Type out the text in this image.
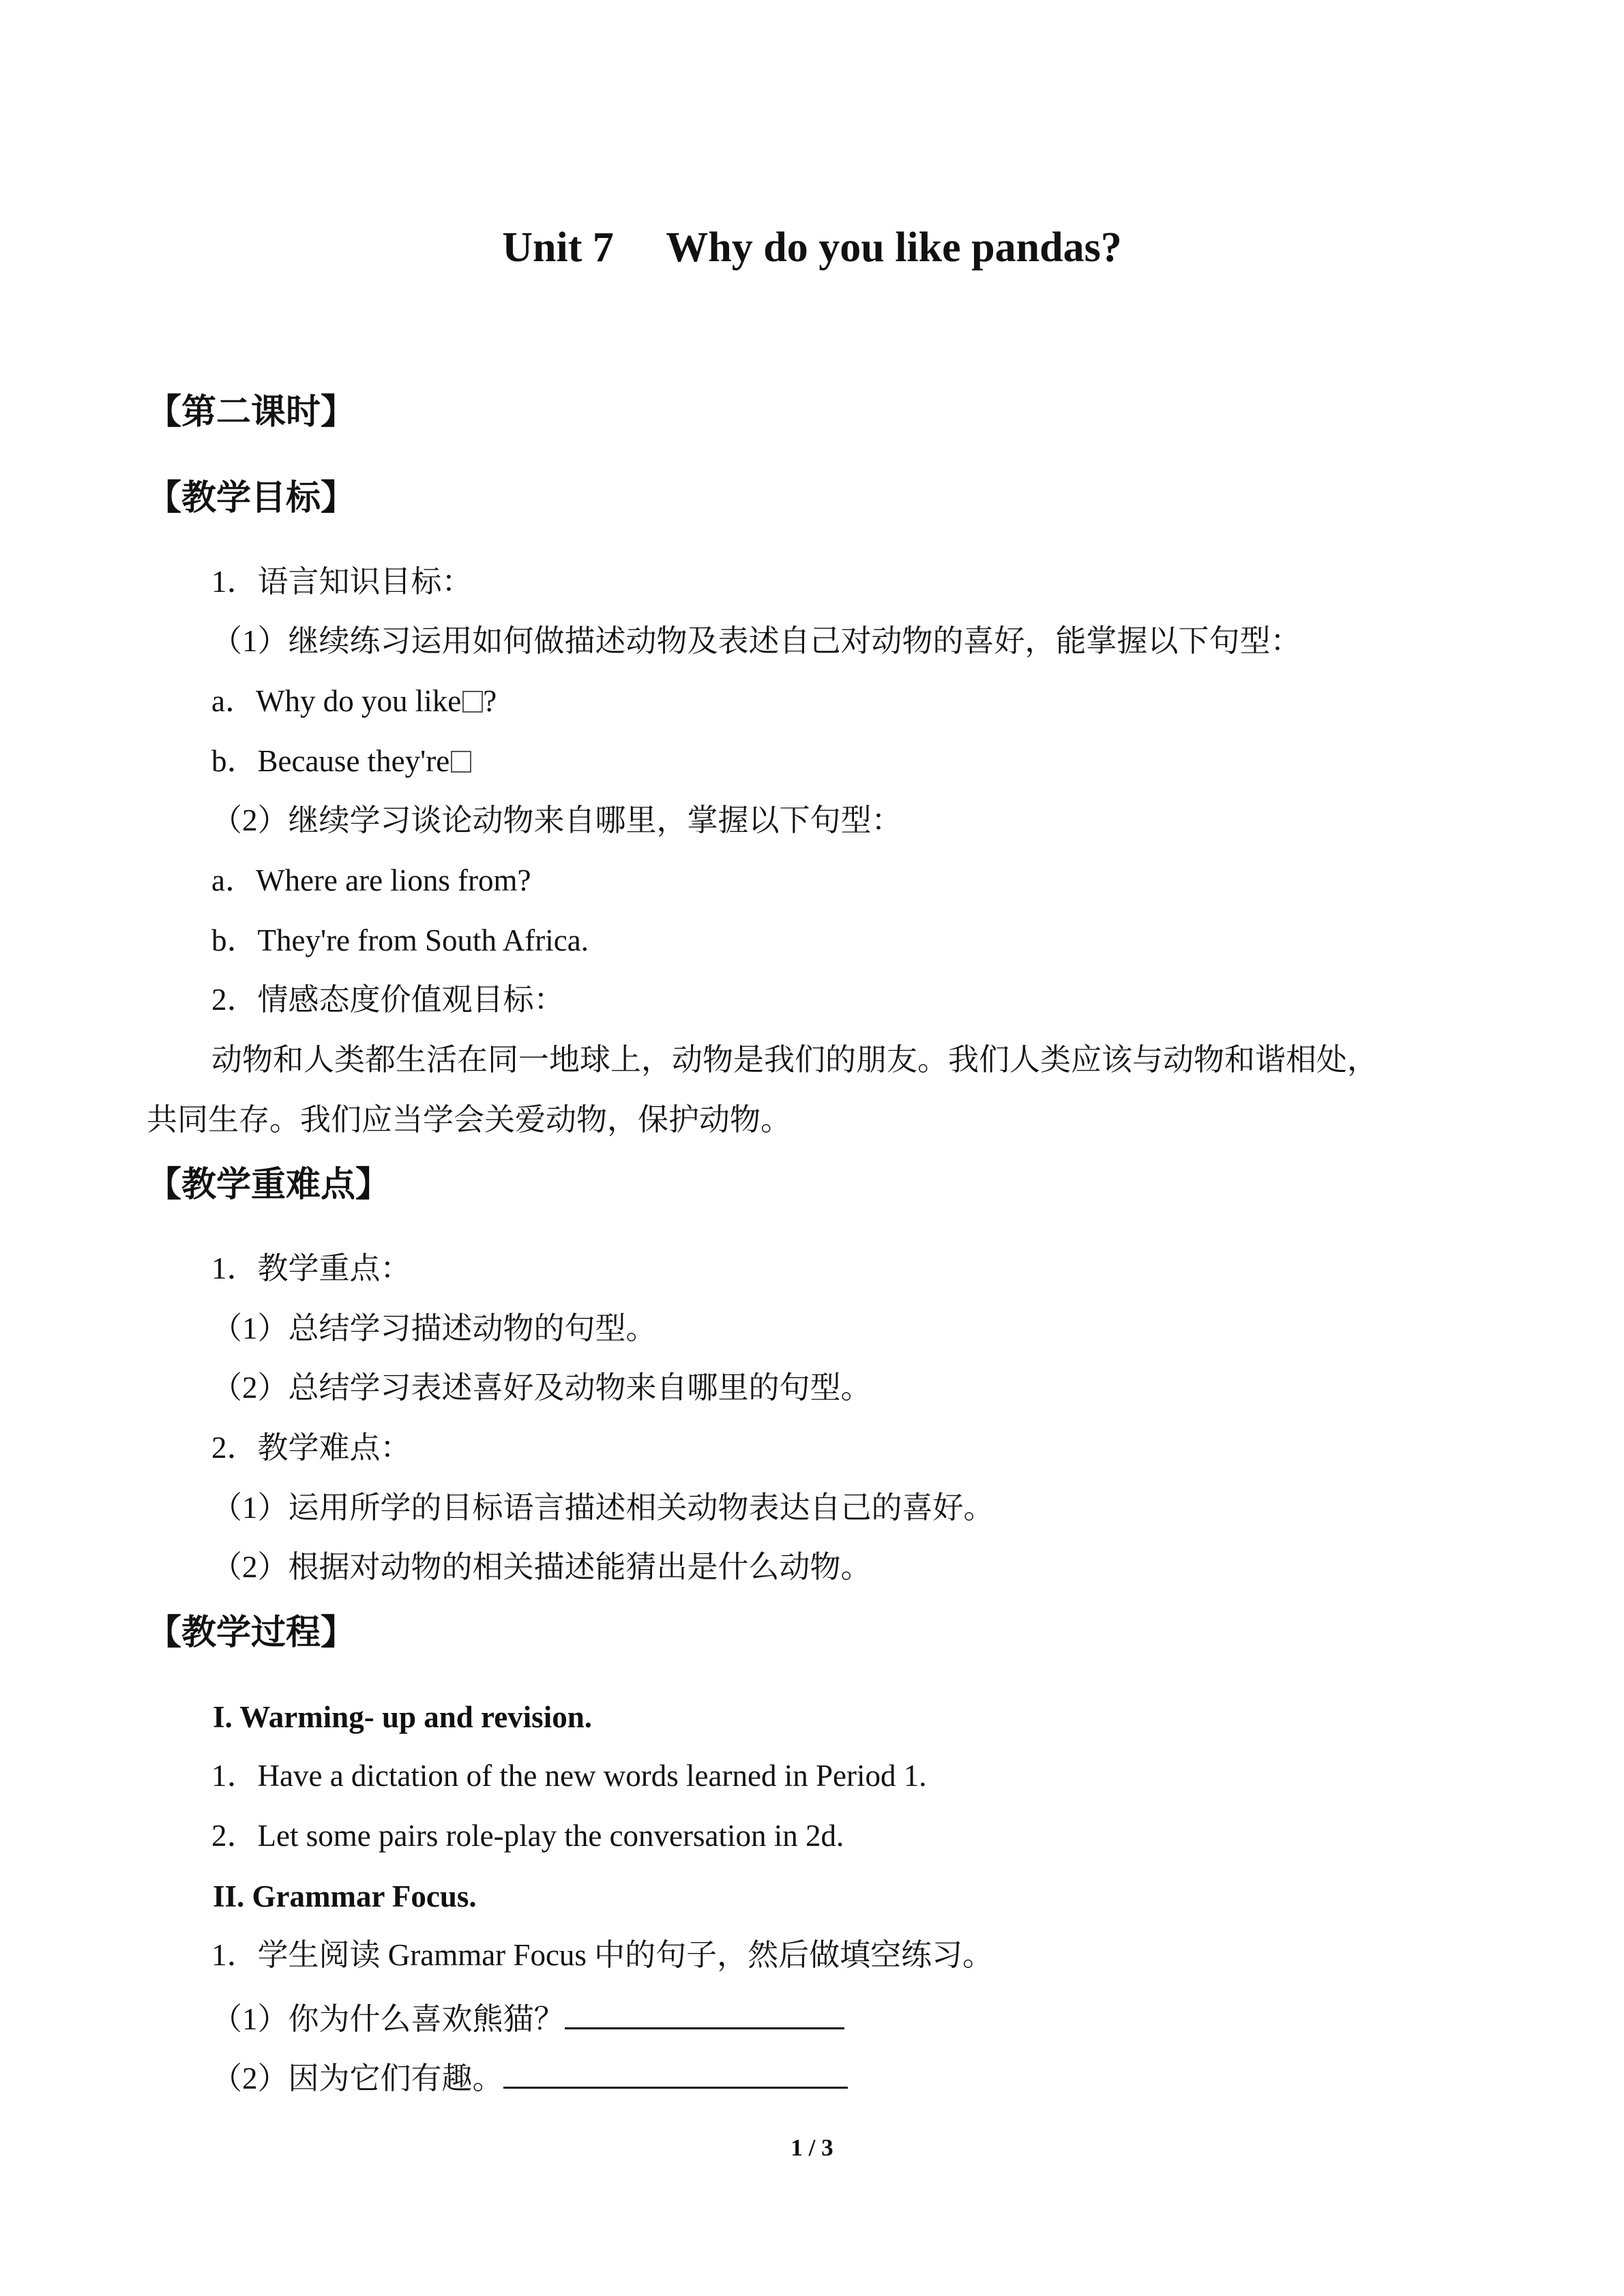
Unit 7　 Why do you like pandas?
【第二课时】
【教学目标】
1．语言知识目标：
（1）继续练习运用如何做描述动物及表述自己对动物的喜好，能掌握以下句型：
a．Why do you like ?
b．Because they're
（2）继续学习谈论动物来自哪里，掌握以下句型：
a．Where are lions from?
b．They're from South Africa.
2．情感态度价值观目标：
动物和人类都生活在同一地球上，动物是我们的朋友。我们人类应该与动物和谐相处，
共同生存。我们应当学会关爱动物，保护动物。
【教学重难点】
1．教学重点：
（1）总结学习描述动物的句型。
（2）总结学习表述喜好及动物来自哪里的句型。
2．教学难点：
（1）运用所学的目标语言描述相关动物表达自己的喜好。
（2）根据对动物的相关描述能猜出是什么动物。
【教学过程】
I. Warming- up and revision.
1．Have a dictation of the new words learned in Period 1.
2．Let some pairs role-play the conversation in 2d.
II. Grammar Focus.
1．学生阅读 Grammar Focus 中的句子，然后做填空练习。
（1）你为什么喜欢熊猫？
（2）因为它们有趣。
1 / 3
